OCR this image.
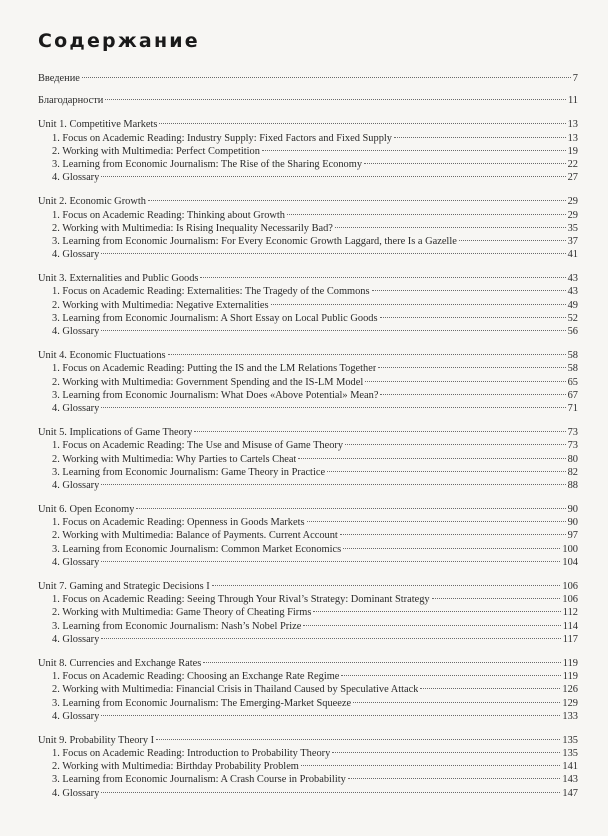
Содержание
Введение	7
Благодарности	11
Unit 1. Competitive Markets	13
1. Focus on Academic Reading: Industry Supply: Fixed Factors and Fixed Supply	13
2. Working with Multimedia: Perfect Competition	19
3. Learning from Economic Journalism: The Rise of the Sharing Economy	22
4. Glossary	27
Unit 2. Economic Growth	29
1. Focus on Academic Reading: Thinking about Growth	29
2. Working with Multimedia: Is Rising Inequality Necessarily Bad?	35
3. Learning from Economic Journalism: For Every Economic Growth Laggard, there Is a Gazelle	37
4. Glossary	41
Unit 3. Externalities and Public Goods	43
1. Focus on Academic Reading: Externalities: The Tragedy of the Commons	43
2. Working with Multimedia: Negative Externalities	49
3. Learning from Economic Journalism: A Short Essay on Local Public Goods	52
4. Glossary	56
Unit 4. Economic Fluctuations	58
1. Focus on Academic Reading: Putting the IS and the LM Relations Together	58
2. Working with Multimedia: Government Spending and the IS-LM Model	65
3. Learning from Economic Journalism: What Does «Above Potential» Mean?	67
4. Glossary	71
Unit 5. Implications of Game Theory	73
1. Focus on Academic Reading: The Use and Misuse of Game Theory	73
2. Working with Multimedia: Why Parties to Cartels Cheat	80
3. Learning from Economic Journalism: Game Theory in Practice	82
4. Glossary	88
Unit 6. Open Economy	90
1. Focus on Academic Reading: Openness in Goods Markets	90
2. Working with Multimedia: Balance of Payments. Current Account	97
3. Learning from Economic Journalism: Common Market Economics	100
4. Glossary	104
Unit 7. Gaming and Strategic Decisions I	106
1. Focus on Academic Reading: Seeing Through Your Rival’s Strategy: Dominant Strategy	106
2. Working with Multimedia: Game Theory of Cheating Firms	112
3. Learning from Economic Journalism: Nash’s Nobel Prize	114
4. Glossary	117
Unit 8. Currencies and Exchange Rates	119
1. Focus on Academic Reading: Choosing an Exchange Rate Regime	119
2. Working with Multimedia: Financial Crisis in Thailand Caused by Speculative Attack	126
3. Learning from Economic Journalism: The Emerging-Market Squeeze	129
4. Glossary	133
Unit 9. Probability Theory I	135
1. Focus on Academic Reading: Introduction to Probability Theory	135
2. Working with Multimedia: Birthday Probability Problem	141
3. Learning from Economic Journalism: A Crash Course in Probability	143
4. Glossary	147
